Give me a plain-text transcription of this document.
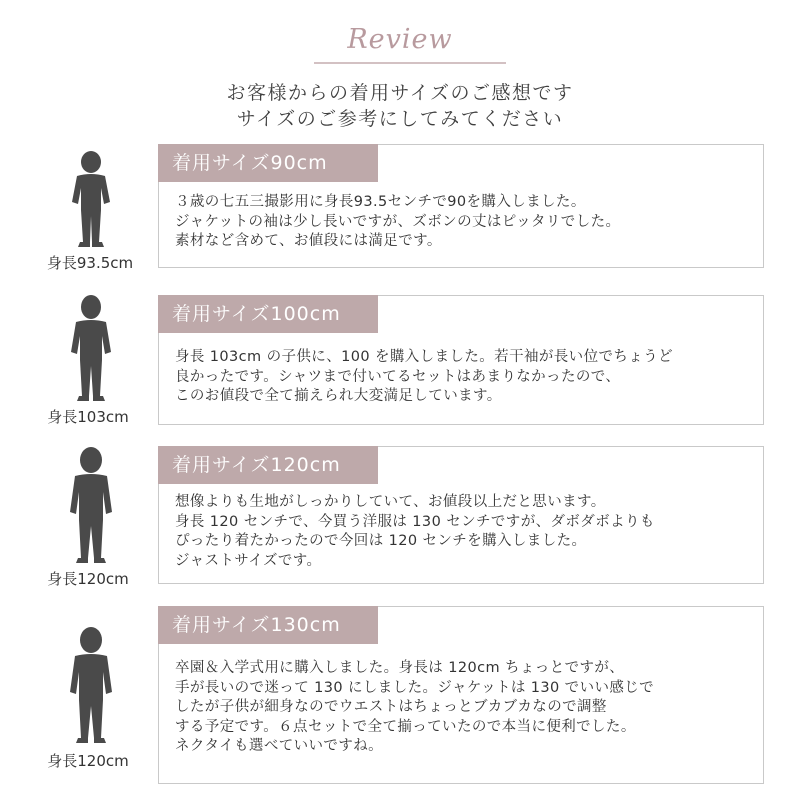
Review
お客様からの着用サイズのご感想です
サイズのご参考にしてみてください
身長93.5cm
着用サイズ90cm
３歳の七五三撮影用に身長93.5センチで90を購入しました。
ジャケットの袖は少し長いですが、ズボンの丈はピッタリでした。
素材など含めて、お値段には満足です。
身長103cm
着用サイズ100cm
身長 103cm の子供に、100 を購入しました。若干袖が長い位でちょうど
良かったです。シャツまで付いてるセットはあまりなかったので、
このお値段で全て揃えられ大変満足しています。
身長120cm
着用サイズ120cm
想像よりも生地がしっかりしていて、お値段以上だと思います。
身長 120 センチで、今買う洋服は 130 センチですが、ダボダボよりも
ぴったり着たかったので今回は 120 センチを購入しました。
ジャストサイズです。
身長120cm
着用サイズ130cm
卒園＆入学式用に購入しました。身長は 120cm ちょっとですが、
手が長いので迷って 130 にしました。ジャケットは 130 でいい感じで
したが子供が細身なのでウエストはちょっとブカブカなので調整
する予定です。６点セットで全て揃っていたので本当に便利でした。
ネクタイも選べていいですね。
